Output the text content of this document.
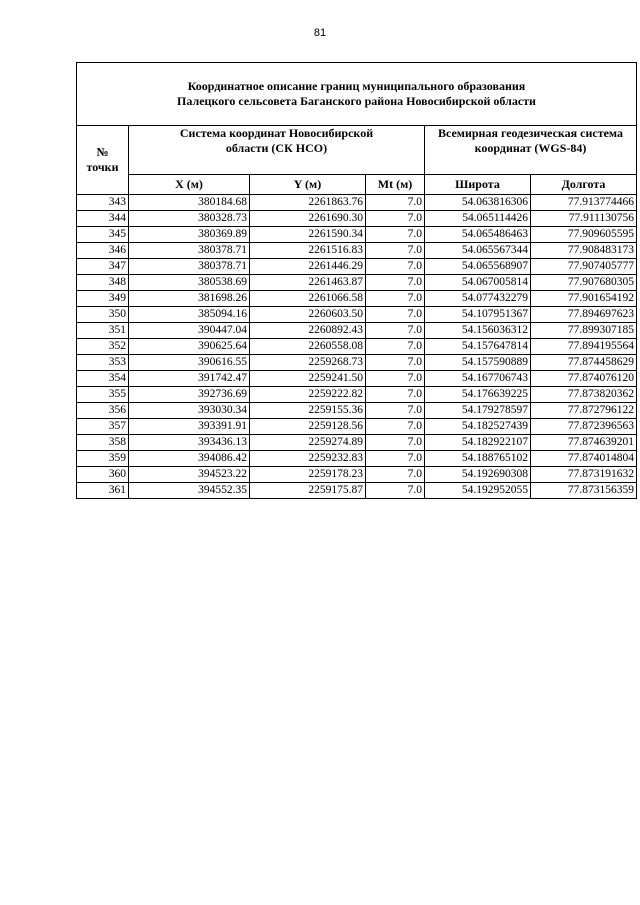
81
Координатное описание границ муниципального образования
Палецкого сельсовета Баганского района Новосибирской области					
№
точки	Система координат Новосибирской
области (СК НСО)			Всемирная геодезическая система
координат (WGS-84)	
	X (м)	Y (м)	Mt (м)	Широта	Долгота
343	380184.68	2261863.76	7.0	54.063816306	77.913774466
344	380328.73	2261690.30	7.0	54.065114426	77.911130756
345	380369.89	2261590.34	7.0	54.065486463	77.909605595
346	380378.71	2261516.83	7.0	54.065567344	77.908483173
347	380378.71	2261446.29	7.0	54.065568907	77.907405777
348	380538.69	2261463.87	7.0	54.067005814	77.907680305
349	381698.26	2261066.58	7.0	54.077432279	77.901654192
350	385094.16	2260603.50	7.0	54.107951367	77.894697623
351	390447.04	2260892.43	7.0	54.156036312	77.899307185
352	390625.64	2260558.08	7.0	54.157647814	77.894195564
353	390616.55	2259268.73	7.0	54.157590889	77.874458629
354	391742.47	2259241.50	7.0	54.167706743	77.874076120
355	392736.69	2259222.82	7.0	54.176639225	77.873820362
356	393030.34	2259155.36	7.0	54.179278597	77.872796122
357	393391.91	2259128.56	7.0	54.182527439	77.872396563
358	393436.13	2259274.89	7.0	54.182922107	77.874639201
359	394086.42	2259232.83	7.0	54.188765102	77.874014804
360	394523.22	2259178.23	7.0	54.192690308	77.873191632
361	394552.35	2259175.87	7.0	54.192952055	77.873156359
